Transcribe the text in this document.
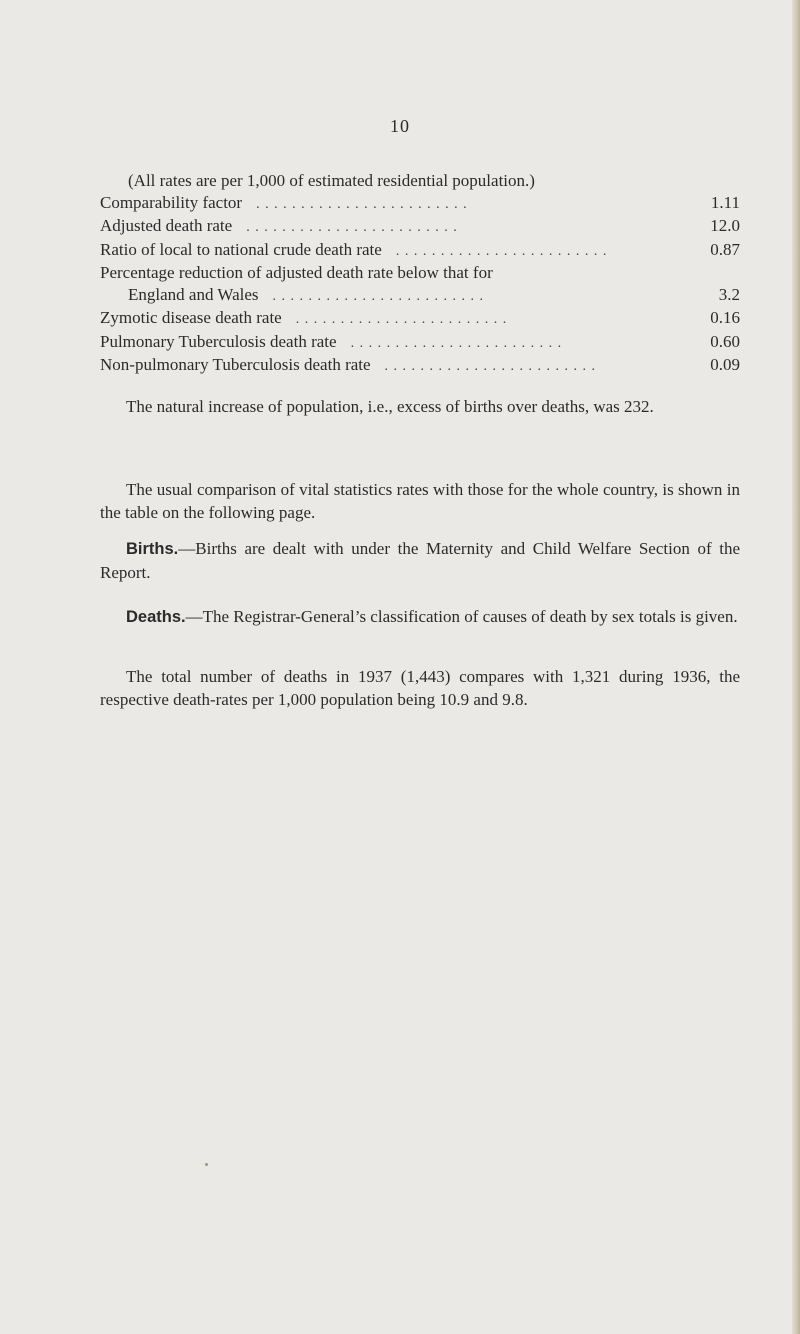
10
(All rates are per 1,000 of estimated residential population.)
Comparability factor	. . . . . . . . . . . . . . . . . . . . . . . .	1.11
Adjusted death rate	. . . . . . . . . . . . . . . . . . . . . . . .	12.0
Ratio of local to national crude death rate	. . . . . . . . . . . . . . . . . . . . . . . .	0.87
Percentage reduction of adjusted death rate below that for
England and Wales	. . . . . . . . . . . . . . . . . . . . . . . .	3.2
Zymotic disease death rate	. . . . . . . . . . . . . . . . . . . . . . . .	0.16
Pulmonary Tuberculosis death rate	. . . . . . . . . . . . . . . . . . . . . . . .	0.60
Non-pulmonary Tuberculosis death rate	. . . . . . . . . . . . . . . . . . . . . . . .	0.09

The natural increase of population, i.e., excess of births over deaths, was 232.

The usual comparison of vital statistics rates with those for the whole country, is shown in the table on the following page.

Births.—Births are dealt with under the Maternity and Child Welfare Section of the Report.

Deaths.—The Registrar-General’s classification of causes of death by sex totals is given.

The total number of deaths in 1937 (1,443) compares with 1,321 during 1936, the respective death-rates per 1,000 population being 10.9 and 9.8.
